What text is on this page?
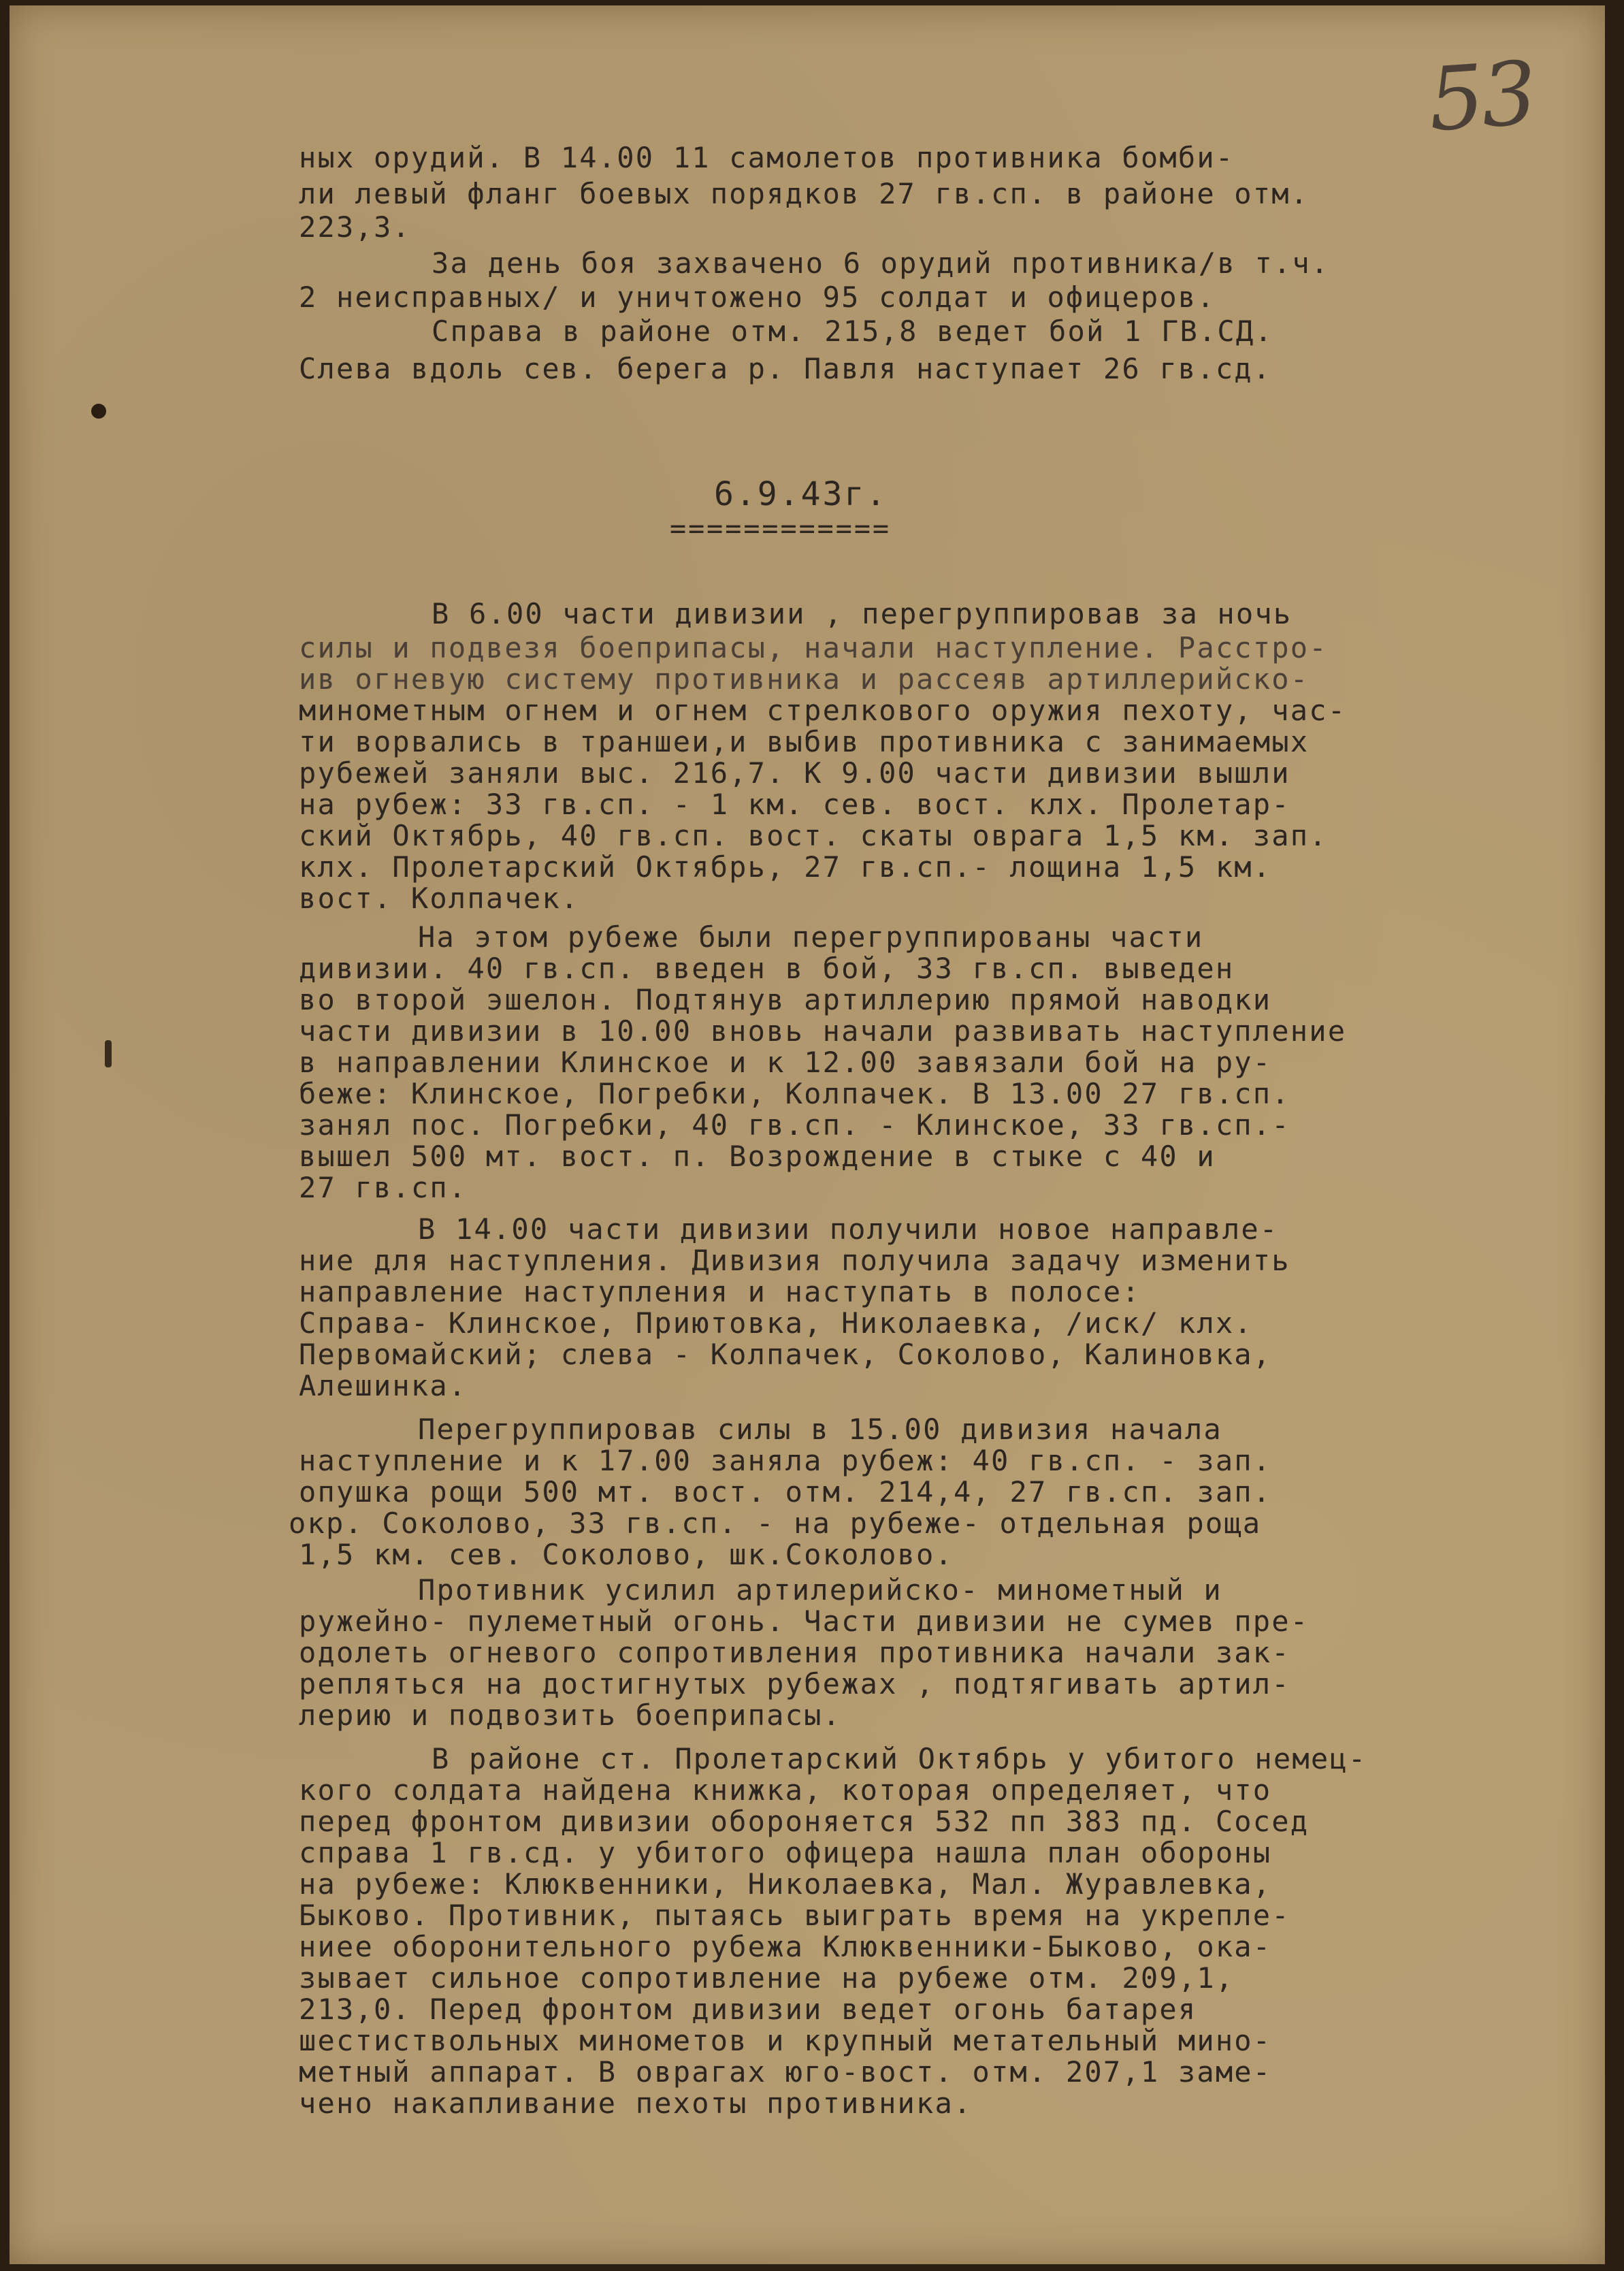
53
ных орудий. В 14.00 11 самолетов противника бомби-
ли левый фланг боевых порядков 27 гв.сп. в районе отм.
223,3.
За день боя захвачено 6 орудий противника/в т.ч.
2 неисправных/ и уничтожено 95 солдат и офицеров.
Справа в районе отм. 215,8 ведет бой 1 ГВ.СД.
Слева вдоль сев. берега р. Павля наступает 26 гв.сд.
6.9.43г.
============
В 6.00 части дивизии , перегруппировав за ночь
силы и подвезя боеприпасы, начали наступление. Расстро-
ив огневую систему противника и рассеяв артиллерийско-
минометным огнем и огнем стрелкового оружия пехоту, час-
ти ворвались в траншеи,и выбив противника с занимаемых
рубежей заняли выс. 216,7. К 9.00 части дивизии вышли
на рубеж: 33 гв.сп. - 1 км. сев. вост. клх. Пролетар-
ский Октябрь, 40 гв.сп. вост. скаты оврага 1,5 км. зап.
клх. Пролетарский Октябрь, 27 гв.сп.- лощина 1,5 км.
вост. Колпачек.
На этом рубеже были перегруппированы части
дивизии. 40 гв.сп. введен в бой, 33 гв.сп. выведен
во второй эшелон. Подтянув артиллерию прямой наводки
части дивизии в 10.00 вновь начали развивать наступление
в направлении Клинское и к 12.00 завязали бой на ру-
беже: Клинское, Погребки, Колпачек. В 13.00 27 гв.сп.
занял пос. Погребки, 40 гв.сп. - Клинское, 33 гв.сп.-
вышел 500 мт. вост. п. Возрождение в стыке с 40 и
27 гв.сп.
В 14.00 части дивизии получили новое направле-
ние для наступления. Дивизия получила задачу изменить
направление наступления и наступать в полосе:
Справа- Клинское, Приютовка, Николаевка, /иск/ клх.
Первомайский; слева - Колпачек, Соколово, Калиновка,
Алешинка.
Перегруппировав силы в 15.00 дивизия начала
наступление и к 17.00 заняла рубеж: 40 гв.сп. - зап.
опушка рощи 500 мт. вост. отм. 214,4, 27 гв.сп. зап.
окр. Соколово, 33 гв.сп. - на рубеже- отдельная роща
1,5 км. сев. Соколово, шк.Соколово.
Противник усилил артилерийско- минометный и
ружейно- пулеметный огонь. Части дивизии не сумев пре-
одолеть огневого сопротивления противника начали зак-
репляться на достигнутых рубежах , подтягивать артил-
лерию и подвозить боеприпасы.
В районе ст. Пролетарский Октябрь у убитого немец-
кого солдата найдена книжка, которая определяет, что
перед фронтом дивизии обороняется 532 пп 383 пд. Сосед
справа 1 гв.сд. у убитого офицера нашла план обороны
на рубеже: Клюквенники, Николаевка, Мал. Журавлевка,
Быково. Противник, пытаясь выиграть время на укрепле-
ниее оборонительного рубежа Клюквенники-Быково, ока-
зывает сильное сопротивление на рубеже отм. 209,1,
213,0. Перед фронтом дивизии ведет огонь батарея
шестиствольных минометов и крупный метательный мино-
метный аппарат. В оврагах юго-вост. отм. 207,1 заме-
чено накапливание пехоты противника.
